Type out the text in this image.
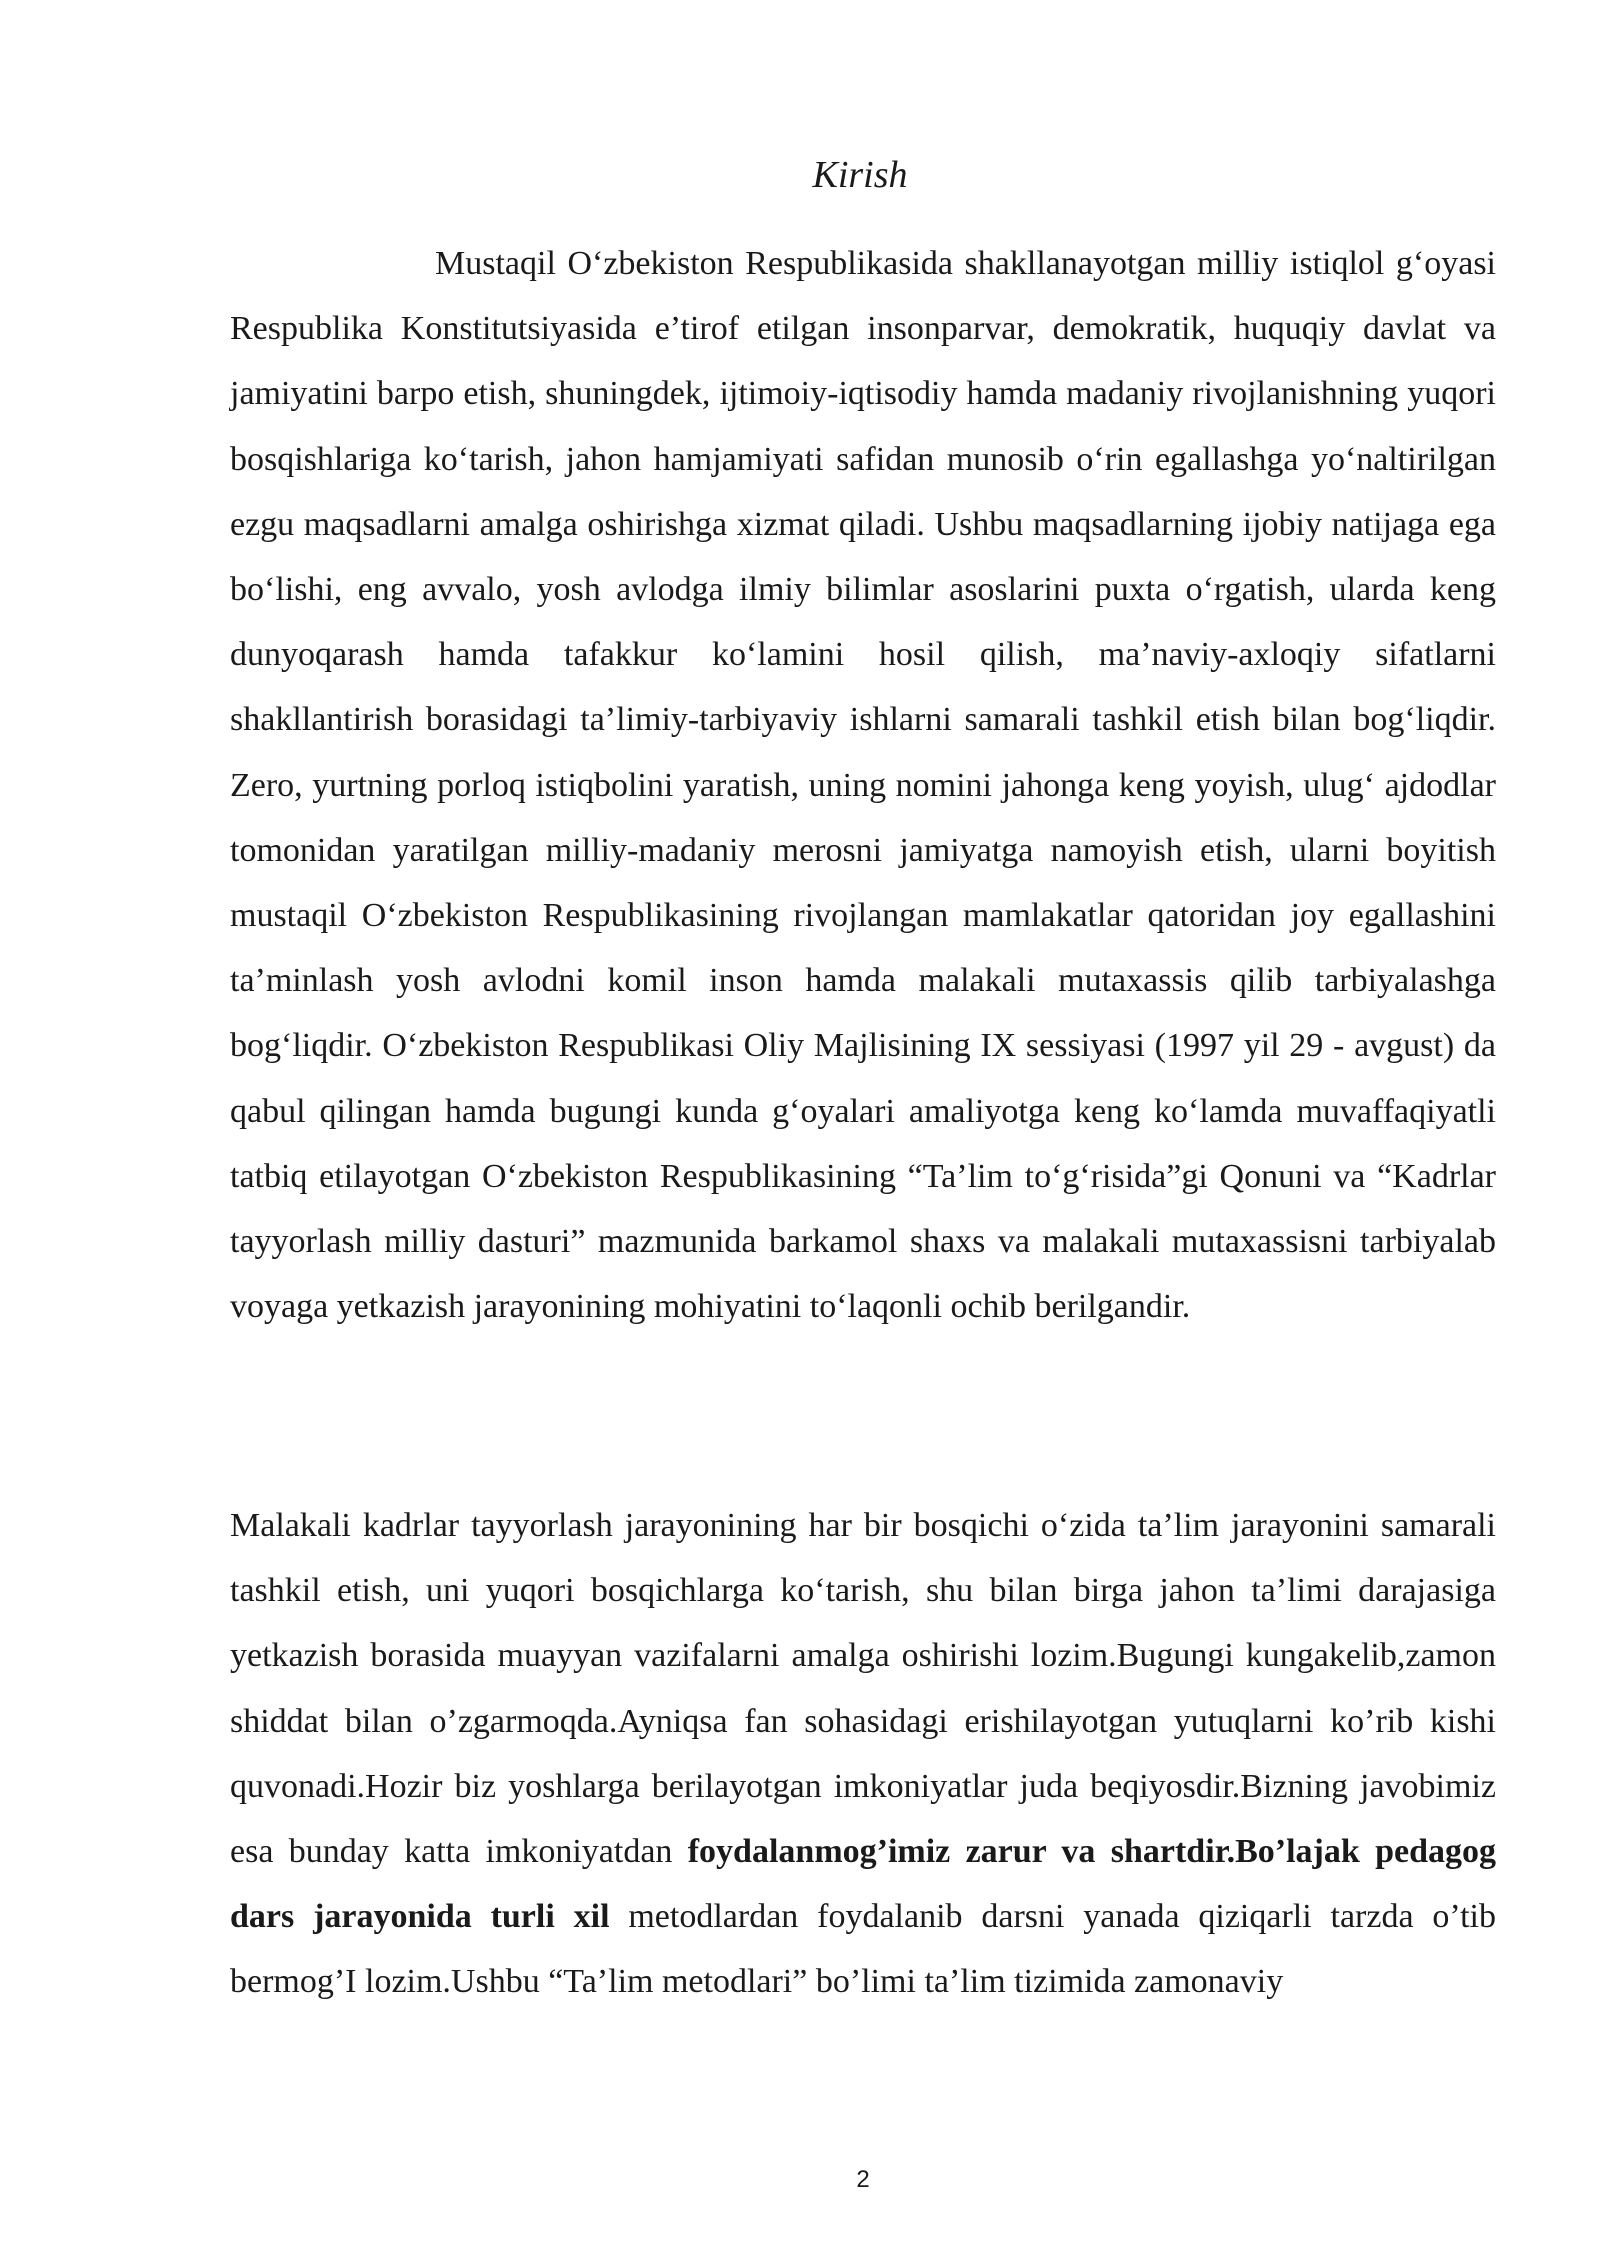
Kirish

Mustaqil O‘zbekiston Respublikasida shakllanayotgan milliy istiqlol g‘oyasi Respublika Konstitutsiyasida e’tirof etilgan insonparvar, demokratik, huquqiy davlat va jamiyatini barpo etish, shuningdek, ijtimoiy-iqtisodiy hamda madaniy rivojlanishning yuqori bosqishlariga ko‘tarish, jahon hamjamiyati safidan munosib o‘rin egallashga yo‘naltirilgan ezgu maqsadlarni amalga oshirishga xizmat qiladi. Ushbu maqsadlarning ijobiy natijaga ega bo‘lishi, eng avvalo, yosh avlodga ilmiy bilimlar asoslarini puxta o‘rgatish, ularda keng dunyoqarash hamda tafakkur ko‘lamini hosil qilish, ma’naviy-axloqiy sifatlarni shakllantirish borasidagi ta’limiy-tarbiyaviy ishlarni samarali tashkil etish bilan bog‘liqdir. Zero, yurtning porloq istiqbolini yaratish, uning nomini jahonga keng yoyish, ulug‘ ajdodlar tomonidan yaratilgan milliy-madaniy merosni jamiyatga namoyish etish, ularni boyitish mustaqil O‘zbekiston Respublikasining rivojlangan mamlakatlar qatoridan joy egallashini ta’minlash yosh avlodni komil inson hamda malakali mutaxassis qilib tarbiyalashga bog‘liqdir. O‘zbekiston Respublikasi Oliy Majlisining IX sessiyasi (1997 yil 29 - avgust) da qabul qilingan hamda bugungi kunda g‘oyalari amaliyotga keng ko‘lamda muvaffaqiyatli tatbiq etilayotgan O‘zbekiston Respublikasining “Ta’lim to‘g‘risida”gi Qonuni va “Kadrlar tayyorlash milliy dasturi” mazmunida barkamol shaxs va malakali mutaxassisni tarbiyalab voyaga yetkazish jarayonining mohiyatini to‘laqonli ochib berilgandir.

Malakali kadrlar tayyorlash jarayonining har bir bosqichi o‘zida ta’lim jarayonini samarali tashkil etish, uni yuqori bosqichlarga ko‘tarish, shu bilan birga jahon ta’limi darajasiga yetkazish borasida muayyan vazifalarni amalga oshirishi lozim.Bugungi kungakelib,zamon shiddat bilan o’zgarmoqda.Ayniqsa fan sohasidagi erishilayotgan yutuqlarni ko’rib kishi quvonadi.Hozir biz yoshlarga berilayotgan imkoniyatlar juda beqiyosdir.Bizning javobimiz esa bunday katta imkoniyatdan foydalanmog’imiz zarur va shartdir.Bo’lajak pedagog dars jarayonida turli xil metodlardan foydalanib darsni yanada qiziqarli tarzda o’tib bermog’I lozim.Ushbu “Ta’lim metodlari” bo’limi ta’lim tizimida zamonaviy

2
